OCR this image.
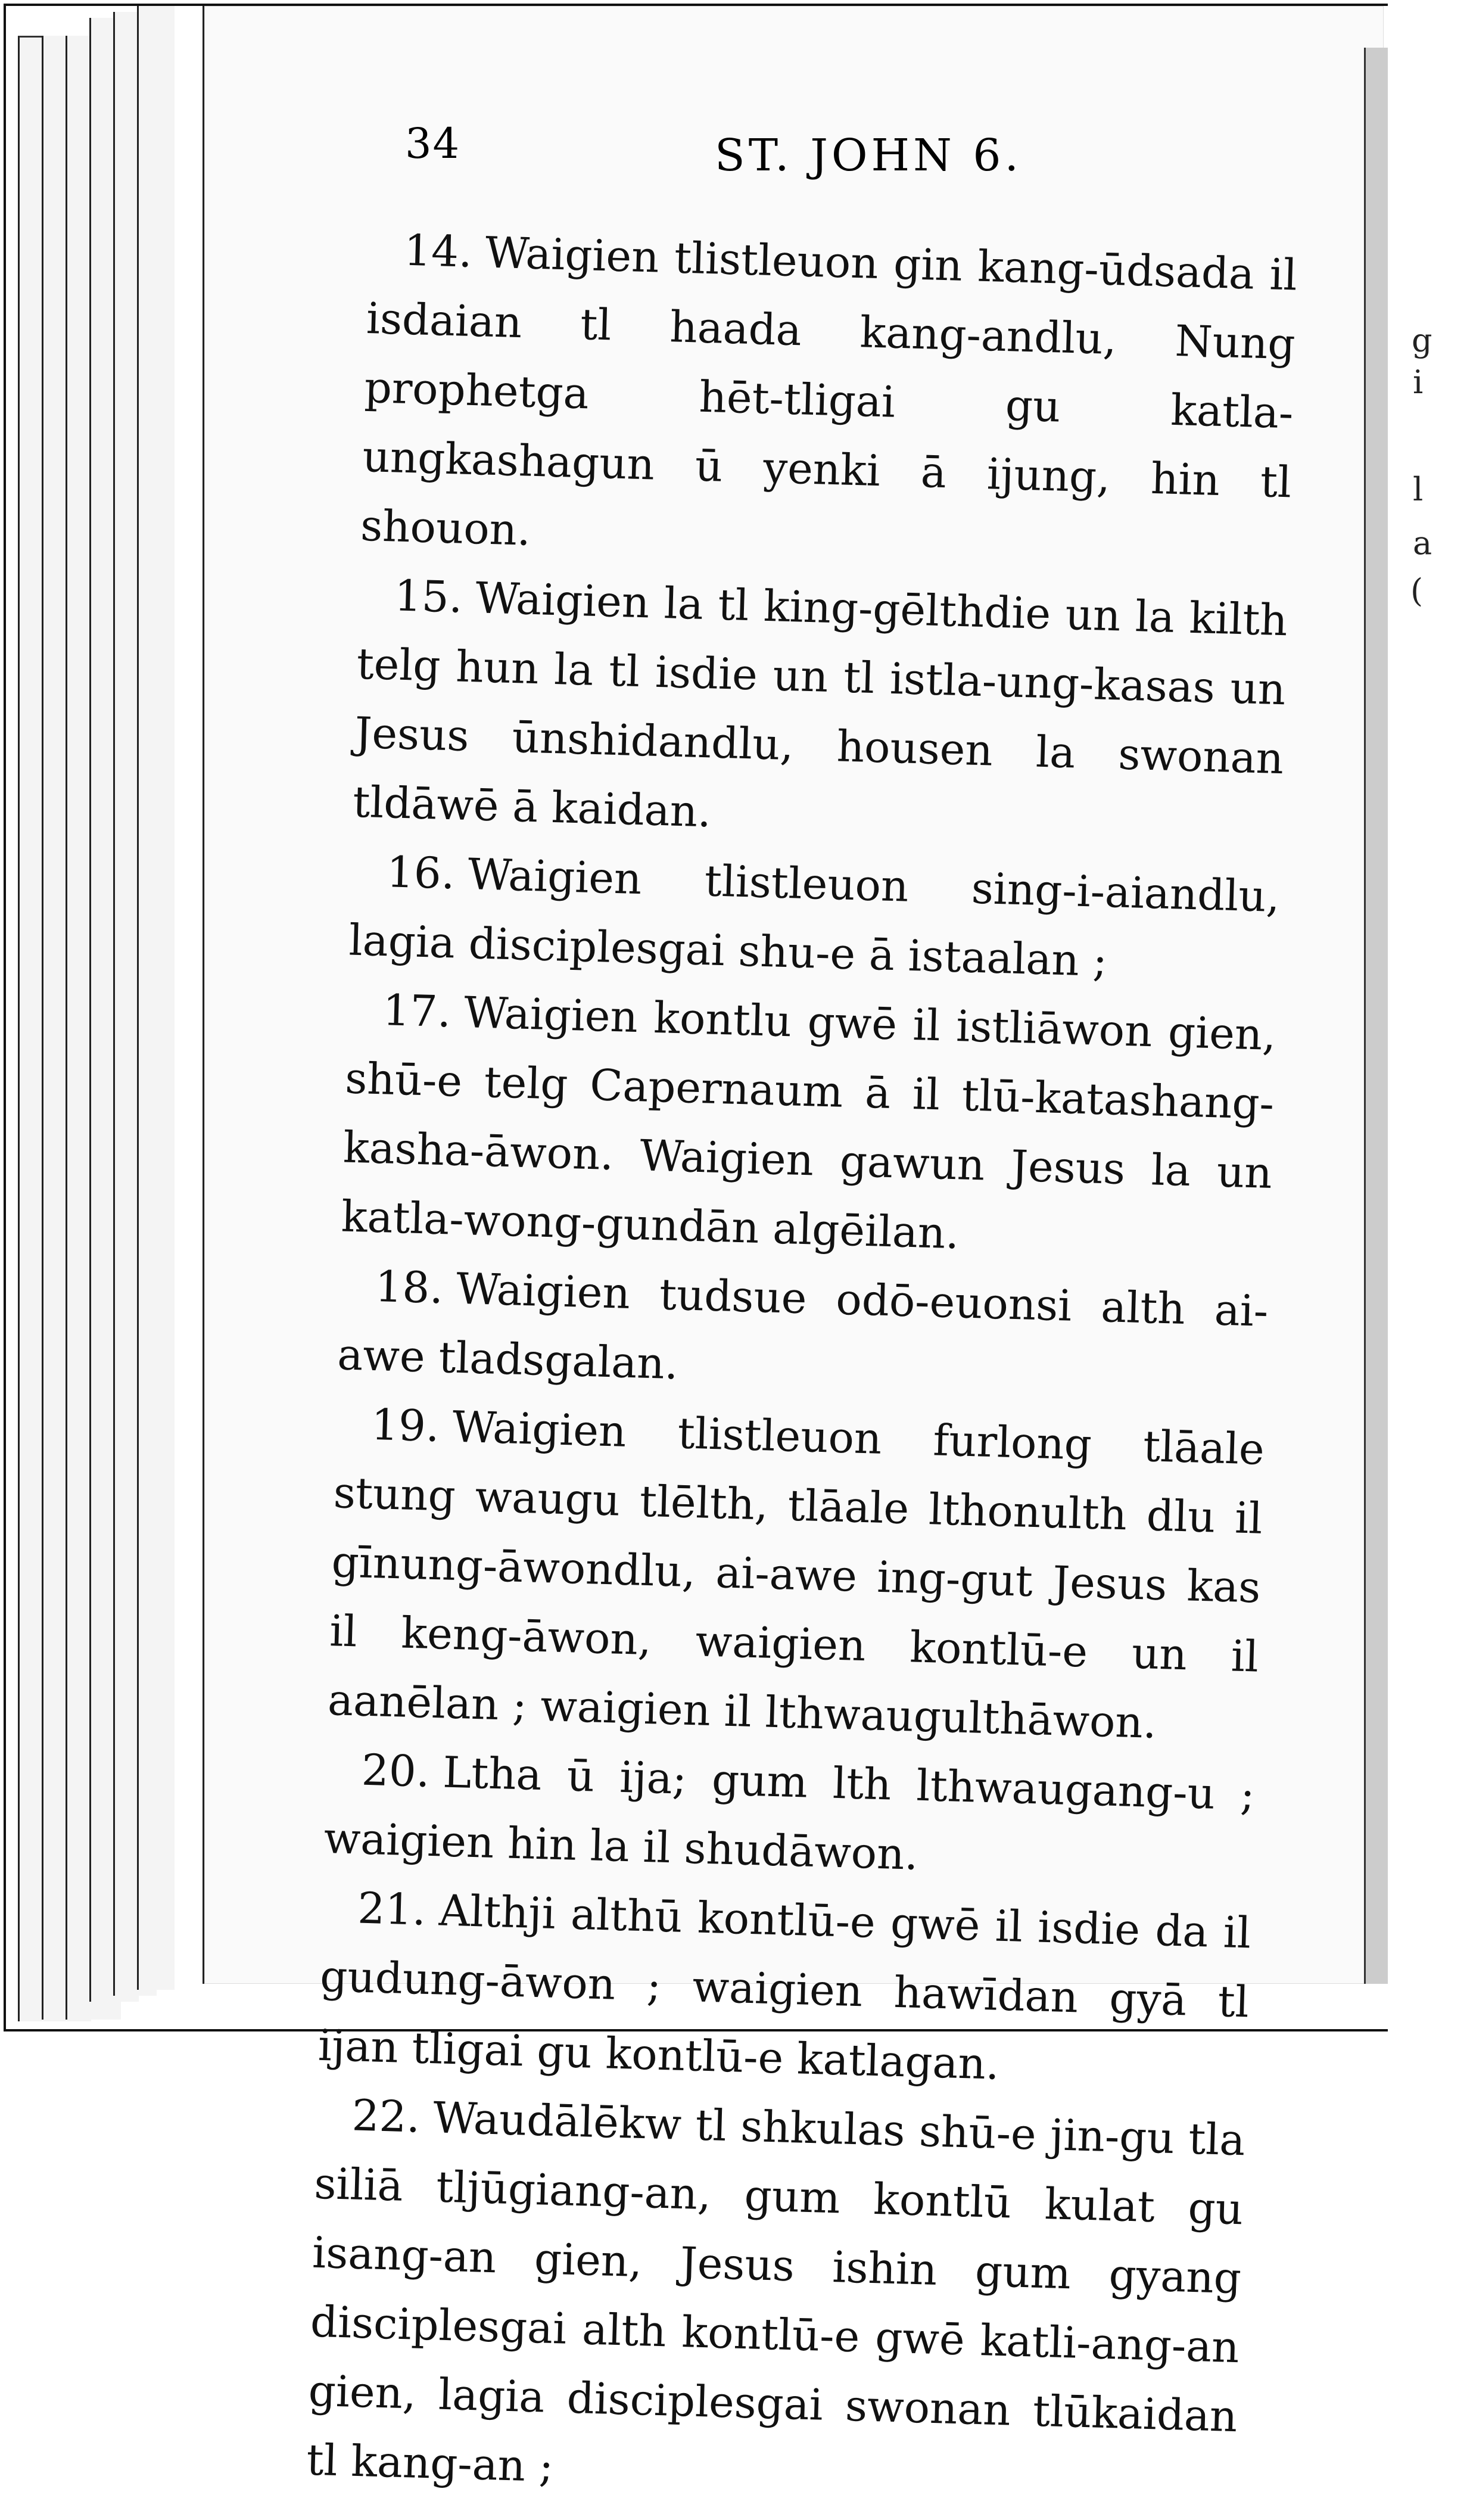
g
i
l
a
(
34	ST. JOHN 6.

14. Waigien tlistleuon gin kang-ūdsada il isdaian tl haada kang-andlu, Nung prophetga hēt-tligai gu katla-ungkashagun ū yenki ā ijung, hin tl shouon.

15. Waigien la tl king-gēlthdie un la kilth telg hun la tl isdie un tl istla-ung-kasas un Jesus ūnshidandlu, housen la swonan tldāwē ā kaidan.

16. Waigien tlistleuon sing-i-aiandlu, lagia disciplesgai shu-e ā istaalan ;

17. Waigien kontlu gwē il istliāwon gien, shū-e telg Capernaum ā il tlū-katashang-kasha-āwon. Waigien gawun Jesus la un katla-wong-gundān algēilan.

18. Waigien tudsue odō-euonsi alth ai-awe tladsgalan.

19. Waigien tlistleuon furlong tlāale stung waugu tlēlth, tlāale lthonulth dlu il gīnung-āwondlu, ai-awe ing-gut Jesus kas il keng-āwon, waigien kontlū-e un il aanēlan ; waigien il lthwaugulthāwon.

20. Ltha ū ija; gum lth lthwaugang-u ; waigien hin la il shudāwon.

21. Althji althū kontlū-e gwē il isdie da il gudung-āwon ; waigien hawīdan gyā tl ijan tligai gu kontlū-e katlagan.

22. Waudālēkw tl shkulas shū-e jin-gu tla siliā tljūgiang-an, gum kontlū kulat gu isang-an gien, Jesus ishin gum gyang disciplesgai alth kontlū-e gwē katli-ang-an gien, lagia disciplesgai swonan tlūkaidan tl kang-an ;
